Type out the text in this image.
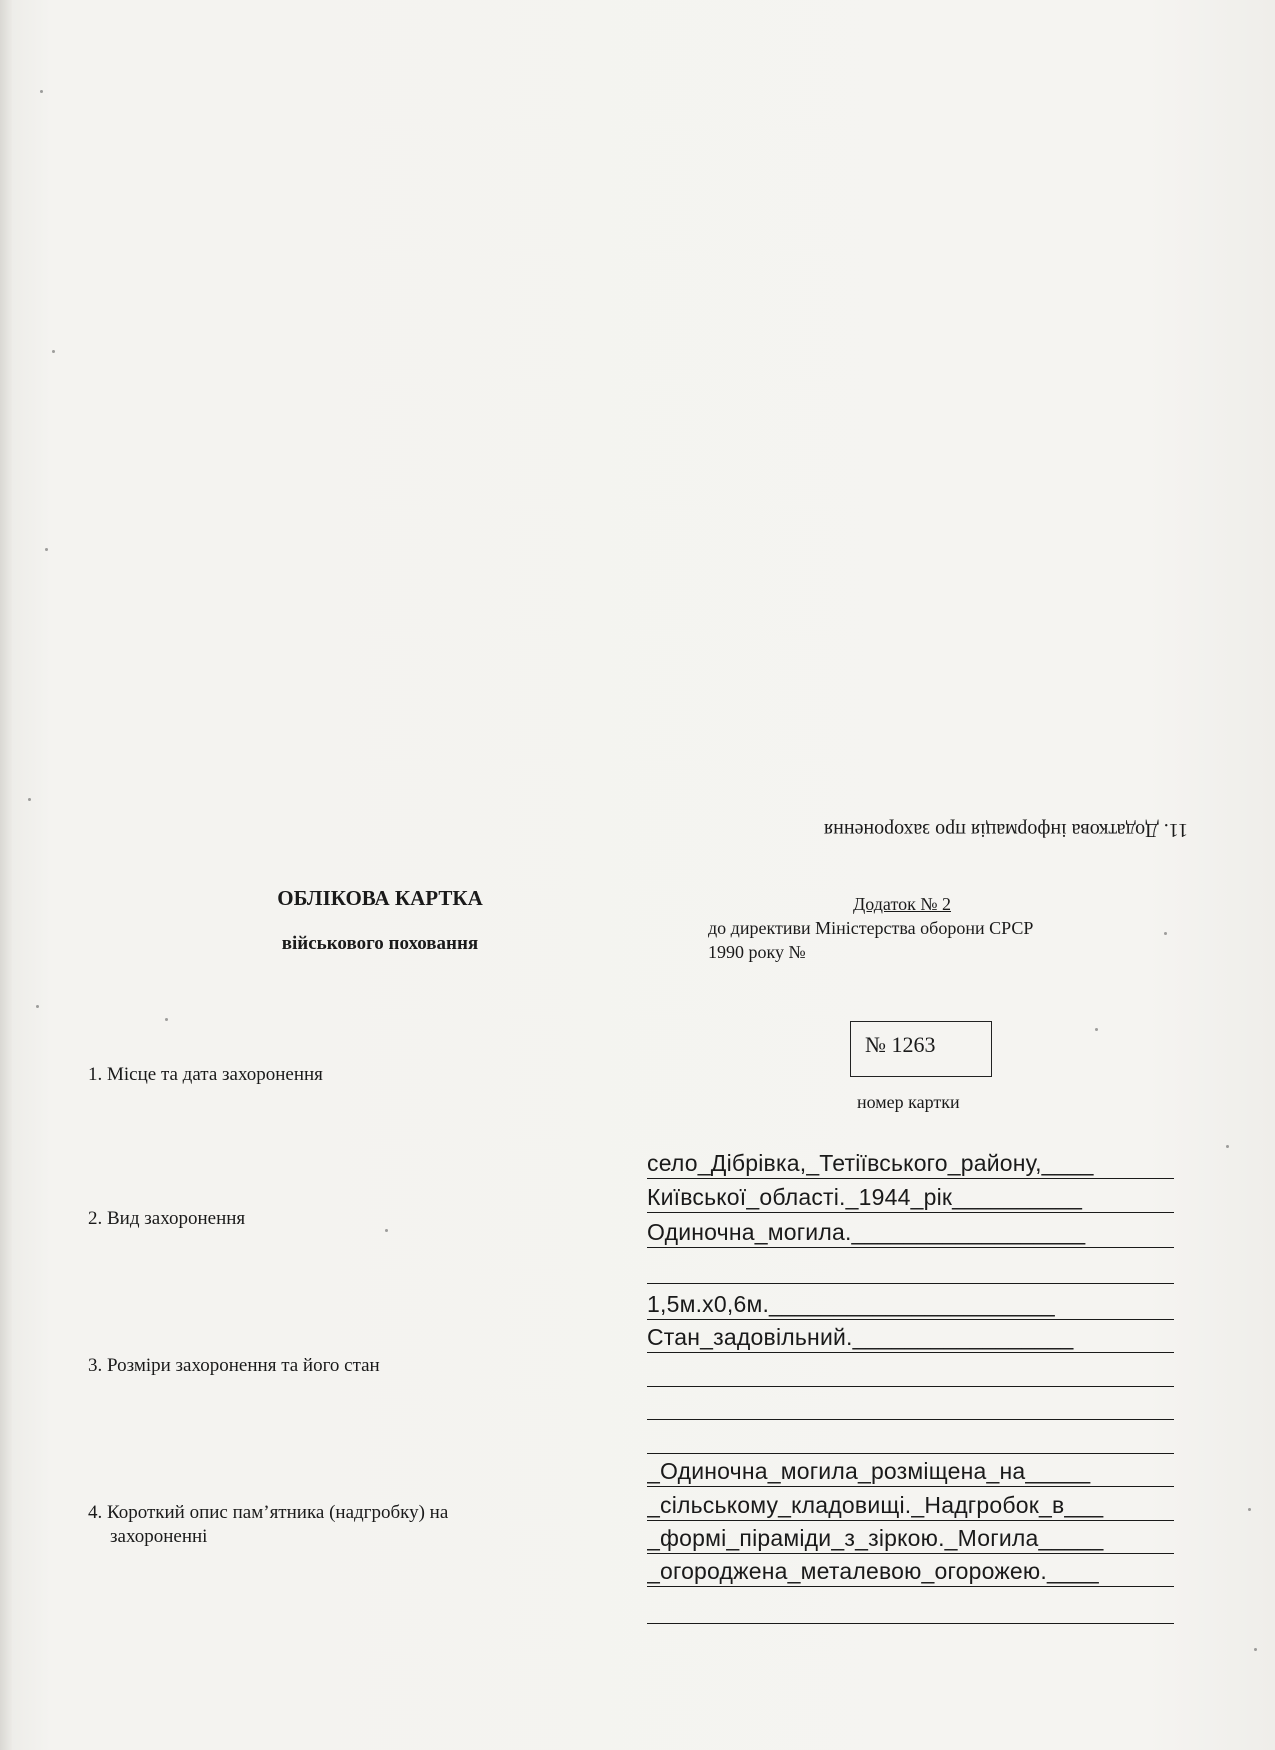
11. Додаткова інформація про захоронення
ОБЛІКОВА КАРТКА
військового поховання
Додаток № 2
до директиви Міністерства оборони СРСР
1990 року №
№ 1263
номер картки
1. Місце та дата захоронення
2. Вид захоронення
3. Розміри захоронення та його стан
4. Короткий опис пам’ятника (надгробку) на
захороненні
село_Дібрівка,_Тетіївського_району,____
Київської_області._1944_рік__________
Одиночна_могила.__________________
1,5м.х0,6м.______________________
Стан_задовільний._________________
_Одиночна_могила_розміщена_на_____
_сільському_кладовищі._Надгробок_в___
_формі_піраміди_з_зіркою._Могила_____
_огороджена_металевою_огорожею.____
